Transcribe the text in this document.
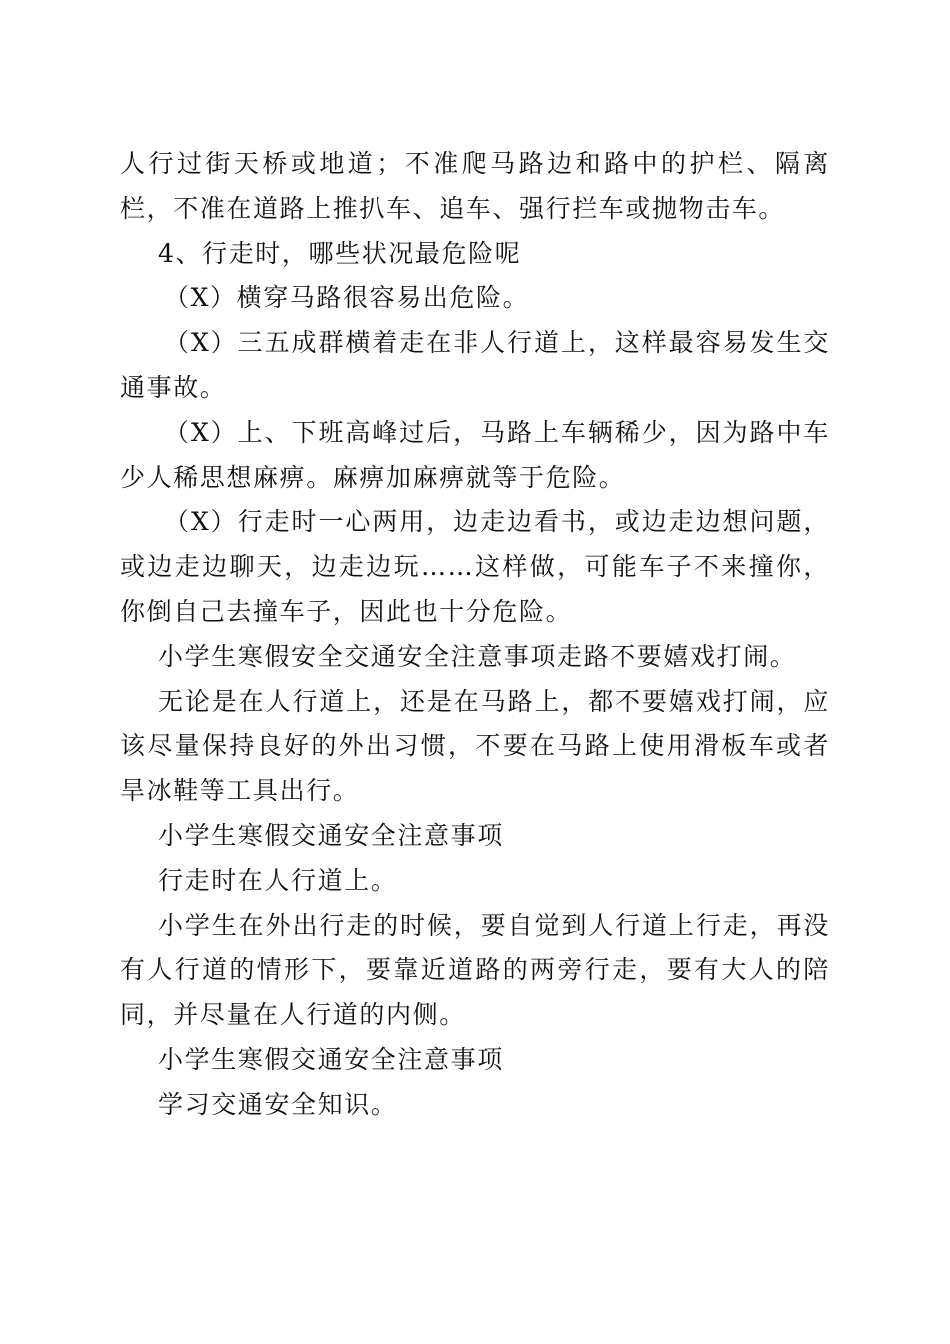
人行过街天桥或地道；不准爬马路边和路中的护栏、隔离栏，不准在道路上推扒车、追车、强行拦车或抛物击车。

4、行走时，哪些状况最危险呢

（X）横穿马路很容易出危险。

（X）三五成群横着走在非人行道上，这样最容易发生交通事故。

（X）上、下班高峰过后，马路上车辆稀少，因为路中车少人稀思想麻痹。麻痹加麻痹就等于危险。

（X）行走时一心两用，边走边看书，或边走边想问题，或边走边聊天，边走边玩……这样做，可能车子不来撞你，你倒自己去撞车子，因此也十分危险。

小学生寒假安全交通安全注意事项走路不要嬉戏打闹。

无论是在人行道上，还是在马路上，都不要嬉戏打闹，应该尽量保持良好的外出习惯，不要在马路上使用滑板车或者旱冰鞋等工具出行。

小学生寒假交通安全注意事项

行走时在人行道上。

小学生在外出行走的时候，要自觉到人行道上行走，再没有人行道的情形下，要靠近道路的两旁行走，要有大人的陪同，并尽量在人行道的内侧。

小学生寒假交通安全注意事项

学习交通安全知识。
